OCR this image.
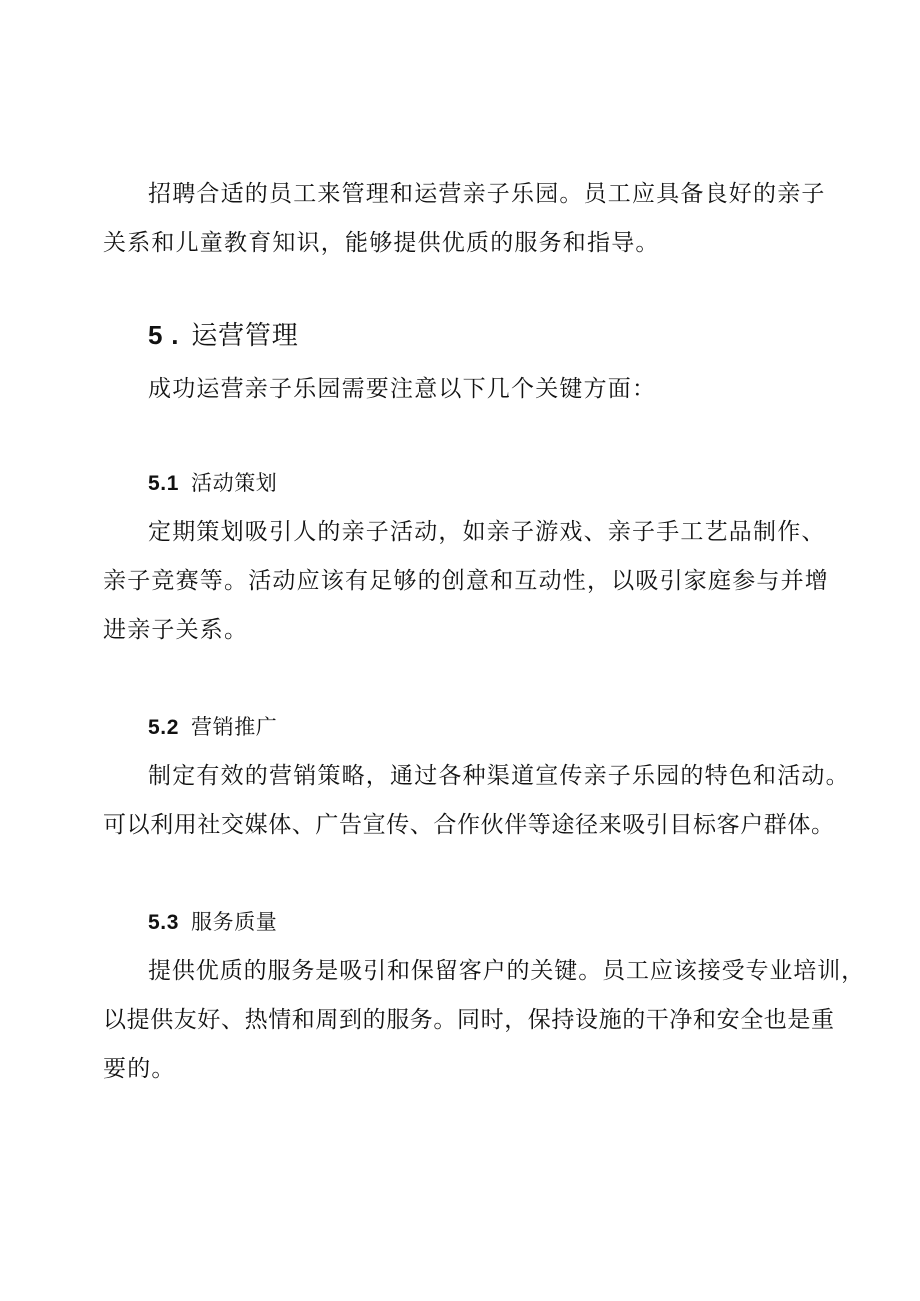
招聘合适的员工来管理和运营亲子乐园。员工应具备良好的亲子
关系和儿童教育知识，能够提供优质的服务和指导。
5 . 运营管理
成功运营亲子乐园需要注意以下几个关键方面：
5.1 活动策划
定期策划吸引人的亲子活动，如亲子游戏、亲子手工艺品制作、
亲子竞赛等。活动应该有足够的创意和互动性，以吸引家庭参与并增
进亲子关系。
5.2 营销推广
制定有效的营销策略，通过各种渠道宣传亲子乐园的特色和活动。
可以利用社交媒体、广告宣传、合作伙伴等途径来吸引目标客户群体。
5.3 服务质量
提供优质的服务是吸引和保留客户的关键。员工应该接受专业培训，
以提供友好、热情和周到的服务。同时，保持设施的干净和安全也是重
要的。
